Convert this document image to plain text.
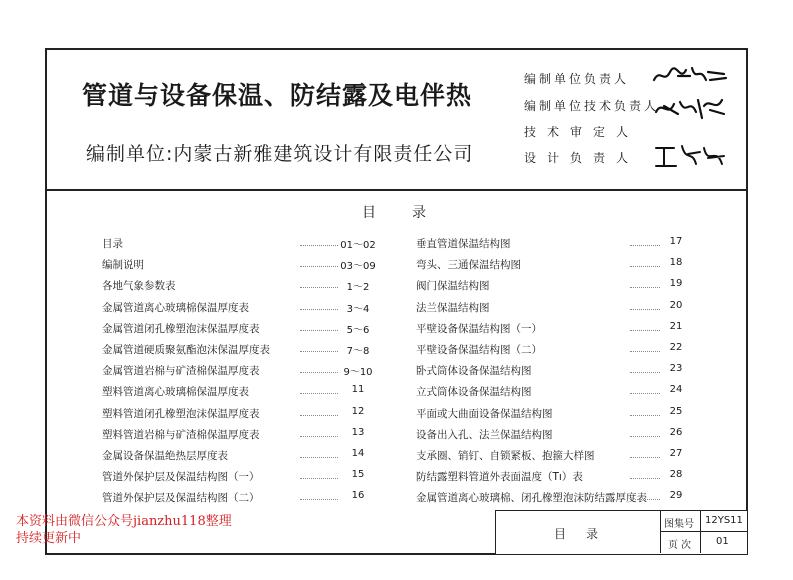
管道与设备保温、防结露及电伴热
编制单位:内蒙古新雅建筑设计有限责任公司
编制单位负责人
编制单位技术负责人
技术审定人
设计负责人
目录
目录	01～02
编制说明	03～09
各地气象参数表	1～2
金属管道离心玻璃棉保温厚度表	3～4
金属管道闭孔橡塑泡沫保温厚度表	5～6
金属管道硬质聚氨酯泡沫保温厚度表	7～8
金属管道岩棉与矿渣棉保温厚度表	9～10
塑料管道离心玻璃棉保温厚度表	11
塑料管道闭孔橡塑泡沫保温厚度表	12
塑料管道岩棉与矿渣棉保温厚度表	13
金属设备保温绝热层厚度表	14
管道外保护层及保温结构图（一）	15
管道外保护层及保温结构图（二）	16
垂直管道保温结构图	17
弯头、三通保温结构图	18
阀门保温结构图	19
法兰保温结构图	20
平壁设备保温结构图（一）	21
平壁设备保温结构图（二）	22
卧式筒体设备保温结构图	23
立式筒体设备保温结构图	24
平面或大曲面设备保温结构图	25
设备出入孔、法兰保温结构图	26
支承圈、销钉、自锁紧板、抱箍大样图	27
防结露塑料管道外表面温度（Tı）表	28
金属管道离心玻璃棉、闭孔橡塑泡沫防结露厚度表	29
目录
图集号 12YS11
页次 01
本资料由微信公众号jianzhu118整理
持续更新中
